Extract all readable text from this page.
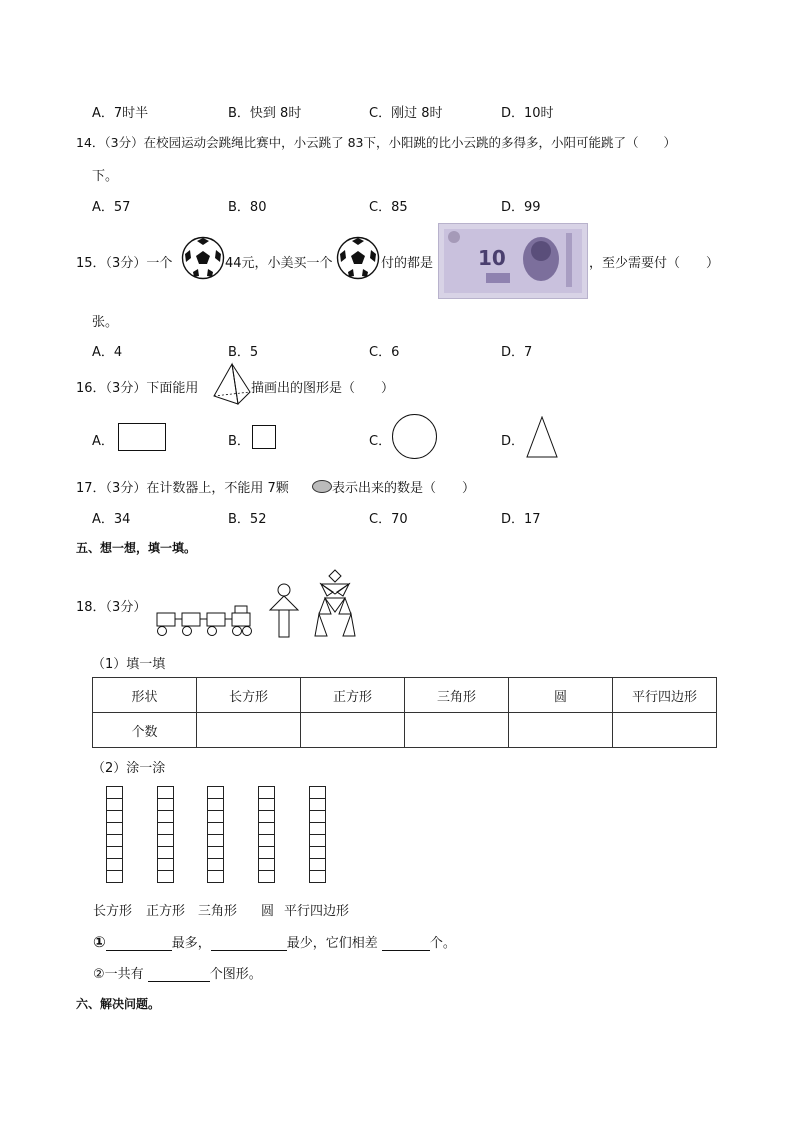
A．7时半	B．快到 8时	C．刚过 8时	D．10时
14．（3分）在校园运动会跳绳比赛中，小云跳了 83下，小阳跳的比小云跳的多得多，小阳可能跳了（　　）
下。
A．57	B．80	C．85	D．99
15．（3分）一个	44元，小美买一个	付的都是 10	，至少需要付（　　）
张。
A．4	B．5	C．6	D．7
16．（3分）下面能用	描画出的图形是（　　）
A．	B．	C．	D．
17．（3分）在计数器上，不能用 7颗	表示出来的数是（　　）
A．34	B．52	C．70	D．17
五、想一想，填一填。
18．（3分）
（1）填一填
形状	长方形	正方形	三角形	圆	平行四边形
个数					
（2）涂一涂
长方形 正方形 三角形 圆 平行四边形
①	最多，	最少，它们相差	个。
②一共有	个图形。
六、解决问题。
